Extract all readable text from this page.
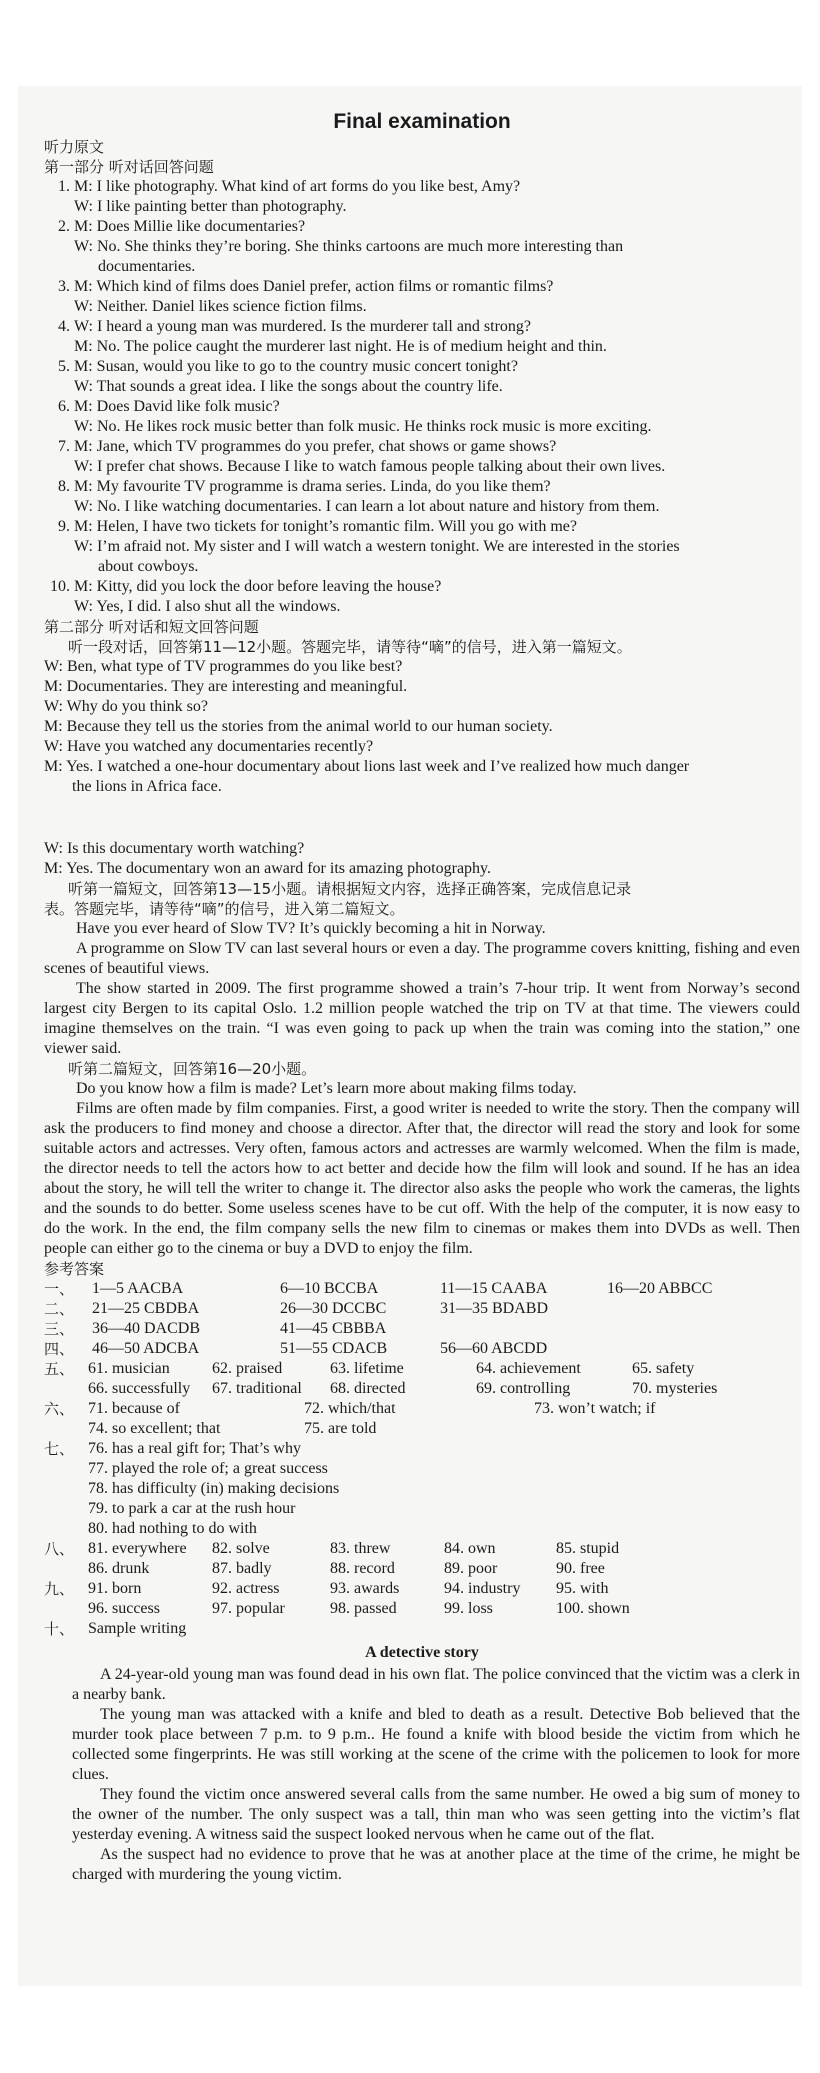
Final examination
听力原文
第一部分 听对话回答问题
1. M: I like photography. What kind of art forms do you like best, Amy?
W: I like painting better than photography.
2. M: Does Millie like documentaries?
W: No. She thinks they’re boring. She thinks cartoons are much more interesting than
documentaries.
3. M: Which kind of films does Daniel prefer, action films or romantic films?
W: Neither. Daniel likes science fiction films.
4. W: I heard a young man was murdered. Is the murderer tall and strong?
M: No. The police caught the murderer last night. He is of medium height and thin.
5. M: Susan, would you like to go to the country music concert tonight?
W: That sounds a great idea. I like the songs about the country life.
6. M: Does David like folk music?
W: No. He likes rock music better than folk music. He thinks rock music is more exciting.
7. M: Jane, which TV programmes do you prefer, chat shows or game shows?
W: I prefer chat shows. Because I like to watch famous people talking about their own lives.
8. M: My favourite TV programme is drama series. Linda, do you like them?
W: No. I like watching documentaries. I can learn a lot about nature and history from them.
9. M: Helen, I have two tickets for tonight’s romantic film. Will you go with me?
W: I’m afraid not. My sister and I will watch a western tonight. We are interested in the stories
about cowboys.
10. M: Kitty, did you lock the door before leaving the house?
W: Yes, I did. I also shut all the windows.
第二部分 听对话和短文回答问题
听一段对话，回答第11—12小题。答题完毕，请等待“嘀”的信号，进入第一篇短文。
W: Ben, what type of TV programmes do you like best?
M: Documentaries. They are interesting and meaningful.
W: Why do you think so?
M: Because they tell us the stories from the animal world to our human society.
W: Have you watched any documentaries recently?
M: Yes. I watched a one-hour documentary about lions last week and I’ve realized how much danger
the lions in Africa face.
W: Is this documentary worth watching?
M: Yes. The documentary won an award for its amazing photography.
听第一篇短文，回答第13—15小题。请根据短文内容，选择正确答案，完成信息记录
表。答题完毕，请等待“嘀”的信号，进入第二篇短文。

Have you ever heard of Slow TV? It’s quickly becoming a hit in Norway.

A programme on Slow TV can last several hours or even a day. The programme covers knitting, fishing and even scenes of beautiful views.

The show started in 2009. The first programme showed a train’s 7-hour trip. It went from Norway’s second largest city Bergen to its capital Oslo. 1.2 million people watched the trip on TV at that time. The viewers could imagine themselves on the train. “I was even going to pack up when the train was coming into the station,” one viewer said.

听第二篇短文，回答第16—20小题。

Do you know how a film is made? Let’s learn more about making films today.

Films are often made by film companies. First, a good writer is needed to write the story. Then the company will ask the producers to find money and choose a director. After that, the director will read the story and look for some suitable actors and actresses. Very often, famous actors and actresses are warmly welcomed. When the film is made, the director needs to tell the actors how to act better and decide how the film will look and sound. If he has an idea about the story, he will tell the writer to change it. The director also asks the people who work the cameras, the lights and the sounds to do better. Some useless scenes have to be cut off. With the help of the computer, it is now easy to do the work. In the end, the film company sells the new film to cinemas or makes them into DVDs as well. Then people can either go to the cinema or buy a DVD to enjoy the film.

参考答案
一、	1—5 AACBA	6—10 BCCBA	11—15 CAABA	16—20 ABBCC
二、	21—25 CBDBA	26—30 DCCBC	31—35 BDABD
三、	36—40 DACDB	41—45 CBBBA
四、	46—50 ADCBA	51—55 CDACB	56—60 ABCDD
五、 61. musician	62. praised	63. lifetime	64. achievement	65. safety
66. successfully	67. traditional	68. directed	69. controlling	70. mysteries
六、 71. because of	72. which/that	73. won’t watch; if
74. so excellent; that	75. are told
七、 76. has a real gift for; That’s why
77. played the role of; a great success
78. has difficulty (in) making decisions
79. to park a car at the rush hour
80. had nothing to do with
八、 81. everywhere	82. solve	83. threw	84. own	85. stupid
86. drunk	87. badly	88. record	89. poor	90. free
九、 91. born	92. actress	93. awards	94. industry	95. with
96. success	97. popular	98. passed	99. loss	100. shown
十、 Sample writing
A detective story

A 24-year-old young man was found dead in his own flat. The police convinced that the victim was a clerk in a nearby bank.

The young man was attacked with a knife and bled to death as a result. Detective Bob believed that the murder took place between 7 p.m. to 9 p.m.. He found a knife with blood beside the victim from which he collected some fingerprints. He was still working at the scene of the crime with the policemen to look for more clues.

They found the victim once answered several calls from the same number. He owed a big sum of money to the owner of the number. The only suspect was a tall, thin man who was seen getting into the victim’s flat yesterday evening. A witness said the suspect looked nervous when he came out of the flat.

As the suspect had no evidence to prove that he was at another place at the time of the crime, he might be charged with murdering the young victim.
